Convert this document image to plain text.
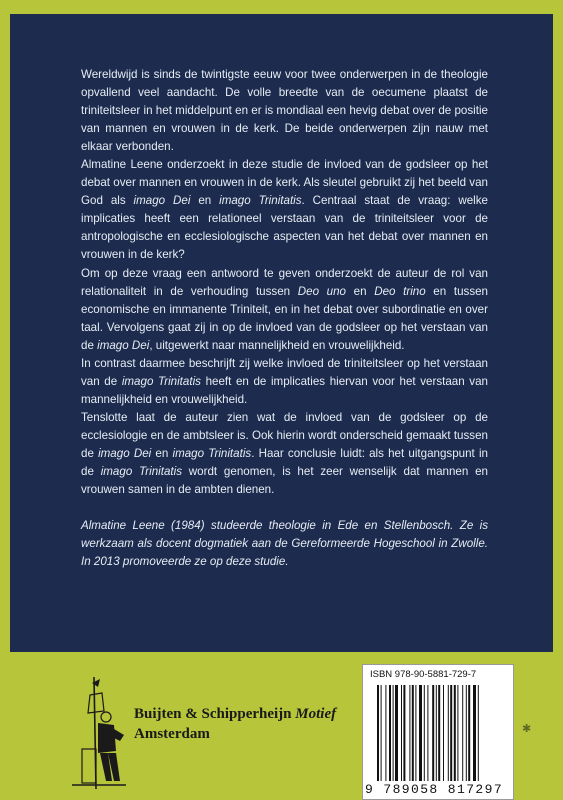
Wereldwijd is sinds de twintigste eeuw voor twee onderwerpen in de theologie opvallend veel aandacht. De volle breedte van de oecumene plaatst de triniteitsleer in het middelpunt en er is mondiaal een hevig debat over de positie van mannen en vrouwen in de kerk. De beide onderwerpen zijn nauw met elkaar verbonden.

Almatine Leene onderzoekt in deze studie de invloed van de godsleer op het debat over mannen en vrouwen in de kerk. Als sleutel gebruikt zij het beeld van God als imago Dei en imago Trinitatis. Centraal staat de vraag: welke implicaties heeft een relationeel verstaan van de triniteitsleer voor de antropologische en ecclesiologische aspecten van het debat over mannen en vrouwen in de kerk?

Om op deze vraag een antwoord te geven onderzoekt de auteur de rol van relationaliteit in de verhouding tussen Deo uno en Deo trino en tussen economische en immanente Triniteit, en in het debat over subordinatie en over taal. Vervolgens gaat zij in op de invloed van de godsleer op het verstaan van de imago Dei, uitgewerkt naar mannelijkheid en vrouwelijkheid.

In contrast daarmee beschrijft zij welke invloed de triniteitsleer op het verstaan van de imago Trinitatis heeft en de implicaties hiervan voor het verstaan van mannelijkheid en vrouwelijkheid.

Tenslotte laat de auteur zien wat de invloed van de godsleer op de ecclesiologie en de ambtsleer is. Ook hierin wordt onderscheid gemaakt tussen de imago Dei en imago Trinitatis. Haar conclusie luidt: als het uitgangspunt in de imago Trinitatis wordt genomen, is het zeer wenselijk dat mannen en vrouwen samen in de ambten dienen.

Almatine Leene (1984) studeerde theologie in Ede en Stellenbosch. Ze is werkzaam als docent dogmatiek aan de Gereformeerde Hogeschool in Zwolle. In 2013 promoveerde ze op deze studie.

Buijten & Schipperheijn Motief
Amsterdam
ISBN 978-90-5881-729-7
9 789058 817297
✱
